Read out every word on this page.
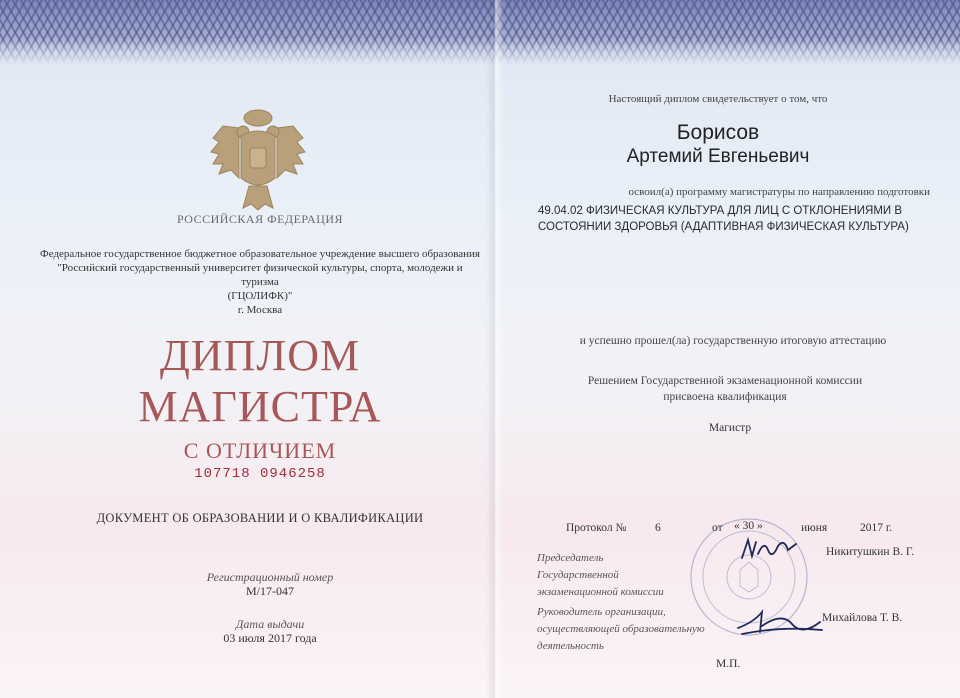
РОССИЙСКАЯ ФЕДЕРАЦИЯ
Федеральное государственное бюджетное образовательное учреждение высшего образования
"Российский государственный университет физической культуры, спорта, молодежи и туризма
(ГЦОЛИФК)"
г. Москва
ДИПЛОМ
МАГИСТРА
С ОТЛИЧИЕМ
107718 0946258
ДОКУМЕНТ ОБ ОБРАЗОВАНИИ И О КВАЛИФИКАЦИИ
Регистрационный номер
М/17-047
Дата выдачи
03 июля 2017 года
Настоящий диплом свидетельствует о том, что
Борисов
Артемий Евгеньевич
освоил(а) программу магистратуры по направлению подготовки
49.04.02 ФИЗИЧЕСКАЯ КУЛЬТУРА ДЛЯ ЛИЦ С ОТКЛОНЕНИЯМИ В
СОСТОЯНИИ ЗДОРОВЬЯ (АДАПТИВНАЯ ФИЗИЧЕСКАЯ КУЛЬТУРА)
и успешно прошел(ла) государственную итоговую аттестацию
Решением Государственной экзаменационной комиссии
присвоена квалификация
Магистр
Протокол № 6	от « 30 »	июня	2017 г.
Председатель
Государственной
экзаменационной комиссии
Никитушкин В. Г.
Руководитель организации,
осуществляющей образовательную
деятельность
Михайлова Т. В.
М.П.
